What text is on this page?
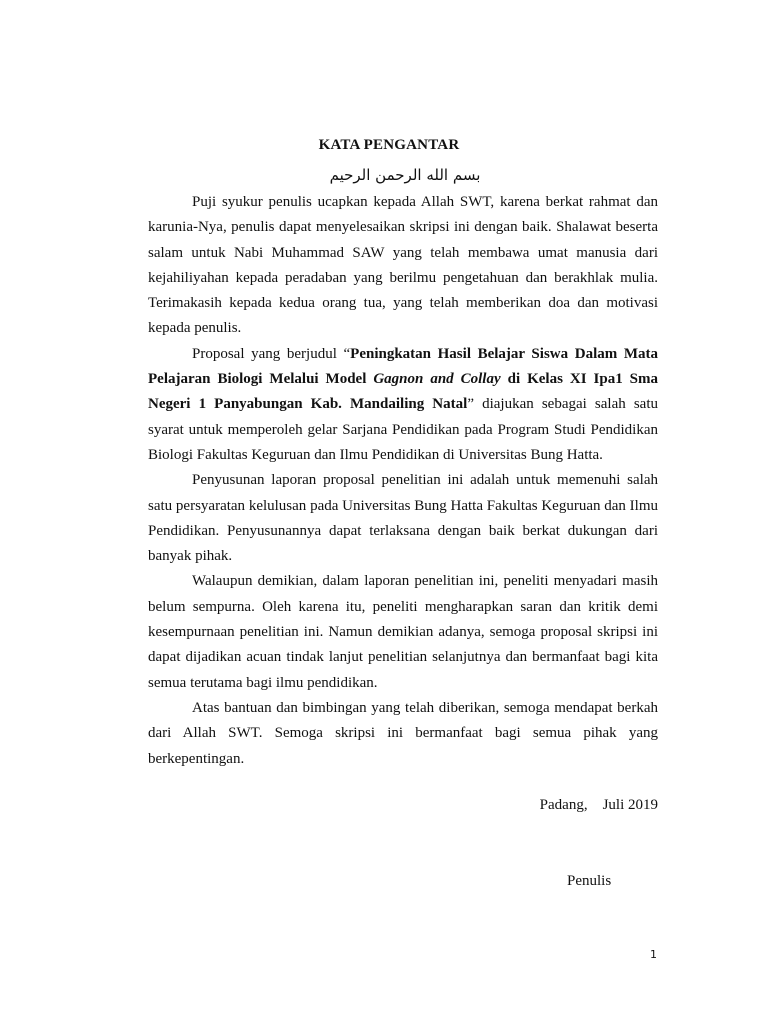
KATA PENGANTAR
بسم الله الرحمن الرحيم

Puji syukur penulis ucapkan kepada Allah SWT, karena berkat rahmat dan karunia-Nya, penulis dapat menyelesaikan skripsi ini dengan baik. Shalawat beserta salam untuk Nabi Muhammad SAW yang telah membawa umat manusia dari kejahiliyahan kepada peradaban yang berilmu pengetahuan dan berakhlak mulia. Terimakasih kepada kedua orang tua, yang telah memberikan doa dan motivasi kepada penulis.

Proposal yang berjudul “Peningkatan Hasil Belajar Siswa Dalam Mata Pelajaran Biologi Melalui Model Gagnon and Collay di Kelas XI Ipa1 Sma Negeri 1 Panyabungan Kab. Mandailing Natal” diajukan sebagai salah satu syarat untuk memperoleh gelar Sarjana Pendidikan pada Program Studi Pendidikan Biologi Fakultas Keguruan dan Ilmu Pendidikan di Universitas Bung Hatta.

Penyusunan laporan proposal penelitian ini adalah untuk memenuhi salah satu persyaratan kelulusan pada Universitas Bung Hatta Fakultas Keguruan dan Ilmu Pendidikan. Penyusunannya dapat terlaksana dengan baik berkat dukungan dari banyak pihak.

Walaupun demikian, dalam laporan penelitian ini, peneliti menyadari masih belum sempurna. Oleh karena itu, peneliti mengharapkan saran dan kritik demi kesempurnaan penelitian ini. Namun demikian adanya, semoga proposal skripsi ini dapat dijadikan acuan tindak lanjut penelitian selanjutnya dan bermanfaat bagi kita semua terutama bagi ilmu pendidikan.

Atas bantuan dan bimbingan yang telah diberikan, semoga mendapat berkah dari Allah SWT. Semoga skripsi ini bermanfaat bagi semua pihak yang berkepentingan.

Padang,    Juli 2019
Penulis
1
